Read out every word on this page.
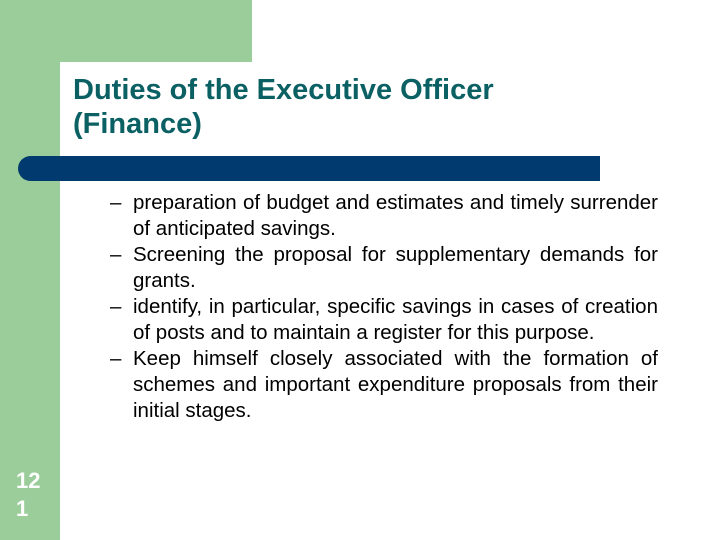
Duties of the Executive Officer
(Finance)
– preparation of budget and estimates and timely surrender of anticipated savings.
– Screening the proposal for supplementary demands for grants.
– identify, in particular, specific savings in cases of creation of posts and to maintain a register for this purpose.
– Keep himself closely associated with the formation of schemes and important expenditure proposals from their initial stages.
121
